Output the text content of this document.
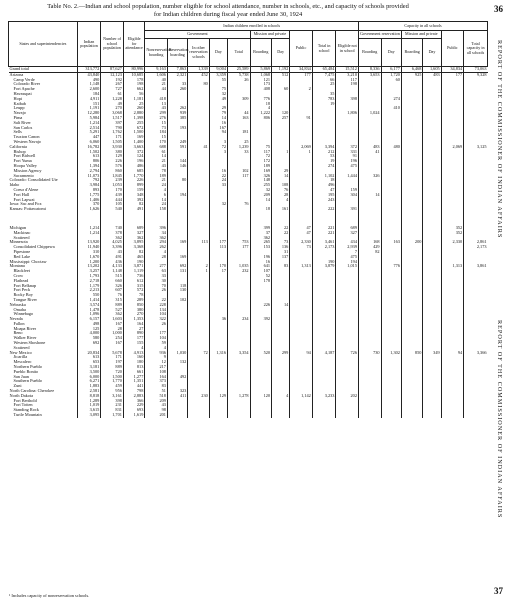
Table No. 2.—Indian and school population, number eligible for school attendance, number in schools, etc., and capacity of schools provided
for Indian children during fiscal year ended June 30, 1924
36
37
REPORT OF THE COMMISSIONER OF INDIAN AFFAIRS
REPORT OF THE COMMISSIONER OF INDIAN AFFAIRS
States and superintendencies	Indian population	Number of school population	Eligible for attendance	Indian children enrolled in schools										Capacity in all schools					
				Government					Mission and private		Public	Total in school	Eligible not in school	Government reservation		Mission and private		Public	Total capacity in all schools
				Nonreservation boarding	Reservation boarding	In other reservation schools	Day	Total	Boarding	Day				Boarding	Day	Boarding	Day		

Grand total	313,772	87,627	80,996	9,163	7,863	1,339	9,004	25,589	5,869	1,192	34,834	65,484	15,512	8,336	6,177	6,468	1,605	34,834	73,063
Arizona	43,840	12,123	10,685	1,606	2,321	452	3,359	5,738	1,068	512	177	7,475	3,210	3,653	1,720	925	483	177	9,328
Camp Verde	490	192	178	40			55	26	121			66	117		60				
Colorado River	1,148	267	198	21	33	80			173			25	198						
Fort Apache	2,600	727	662	44	260		75		408	60	2								
Havasupai	184	61	56				32					35							
Hopi	4,911	1,228	1,181	418			49	309	776			783	398		274				
Kaibab	151	49	25	13					18			19							
Leupp	1,191	270	260	43	262		29		4						410				
Navajo	12,280	3,068	2,880	299	939		79	44	1,222	120			1,806	1,024					
Pima	5,984	1,517	1,398	276	385		14	163	806	257	91								
Salt River	1,214	397	255	15			16												
San Carlos	2,514	790	672	73	193		167												
Sells	5,291	1,762	1,500	184			94	181											
Truxton Canon	447	171	169	15															
Western Navajo	6,060	1,505	1,400	170	249		3	25											
California	16,782	3,930	3,663	688	591	41	72	1,239	75		2,069	3,394	372	483	480			2,069	3,125
Bishop	1,502	380	372	61			3	33	117	1	1	212	331	41					
Fort Bidwell	613	129	124	14					72			53	91						
Fort Yuma	806	226	196	21	144				172			19	196						
Hoopa Valley	1,394	576	486	43	146				189			274	475						
Mission Agency	2,794	860	685	78			16	102	169	29									
Sacramento	11,073	1,845	1,770	189			22	117	326	14		1,102	1,444	326					
Colorado: Consolidated Ute	792	239	226	21	80		24		148			18							
Idaho	3,984	1,053	899	24			33		255	108		496							
Coeur d'Alene	893	170	159	4					32	76		47	159						
Fort Hall	1,775	439	348	6	194				209	28		195	304	14					
Fort Lapwai	1,406	444	392	14					14	4		243							
Iowa: Sac and Fox	370	105	82	24			32	76											
Kansas: Pottawatomi	1,626	540	491	158					18	161		222	391						

Michigan	1,214	740	689	396					399	22	47	221	689					352	
Mackinac	1,214	378	327	34					37	22	47	221	327					352	
Scattered		362	362	362					362										
Minnesota	13,920	4,025	3,895	294	169	113	177	753	265	73	2,330	3,461	434	168	163	200		2,330	2,861
Consolidated Chippewa	11,940	3,396	3,368	262			113	177	153	136	73	2,173	2,939	429					2,173
Pipestone	310	43	82	4						31			7	82					
Red Lake	1,670	491	465	28	169				196	137			475						
Mississippi: Choctaw	1,200	436	190						16			190	194						
Montana	13,202	4,133	3,871	277	692	2	170	1,035	641	83	1,313	3,879	1,015		776			1,313	3,861
Blackfeet	3,257	1,148	1,119	63	131	1	17	232	107										
Crow	1,793	515	736	33					52										
Flathead	2,718	660	612	30					178										
Fort Belknap	1,179	326	315	70	118														
Fort Peck	2,213	607	572	26	130														
Rocky Boy	550	76	78																
Tongue River	1,414	315	289	22	102														
Nebraska	3,574	889	850	228					226	14									
Omaha	1,478	527	380	134															
Winnebago	1,096	362	270	104															
Nevada	6,157	1,603	1,353	322			36	234	392										
Fallon	498	167	164	26															
Moapa River	125	28	27																
Reno	4,000	1,000	890	177															
Walker River	580	254	177	104															
Western Shoshone	692	167	155	59															
Scattered			4	4															
New Mexico	20,834	5,678	4,913	936	1,030	72	1,316	3,354	520	299	94	4,187	726	730	1,302	850	349	94	3,366
Jicarilla	613	171	160	9															
Mescalero	653	197	180	12	132														
Northern Pueblo	3,181	889	813	217															
Pueblo Bonito	3,500	720	661	108															
San Juan	6,000	1,500	1,277	164	492														
Southern Pueblo	6,271	1,770	1,351	373															
Zuni	1,883	459	441	83															
North Carolina: Cherokee	2,581	956	798	51	323														
North Dakota	8,818	3,161	2,883	518	411	230	129	1,278	120	4	1,142	3,233	202						
Fort Berthold	1,289	398	366	209															
Fort Totten	1,019	231	229	43															
Standing Rock	3,615	831	693	98															
Turtle Mountain	3,095	1,701	1,619	201															
¹ Includes capacity of nonreservation schools.
